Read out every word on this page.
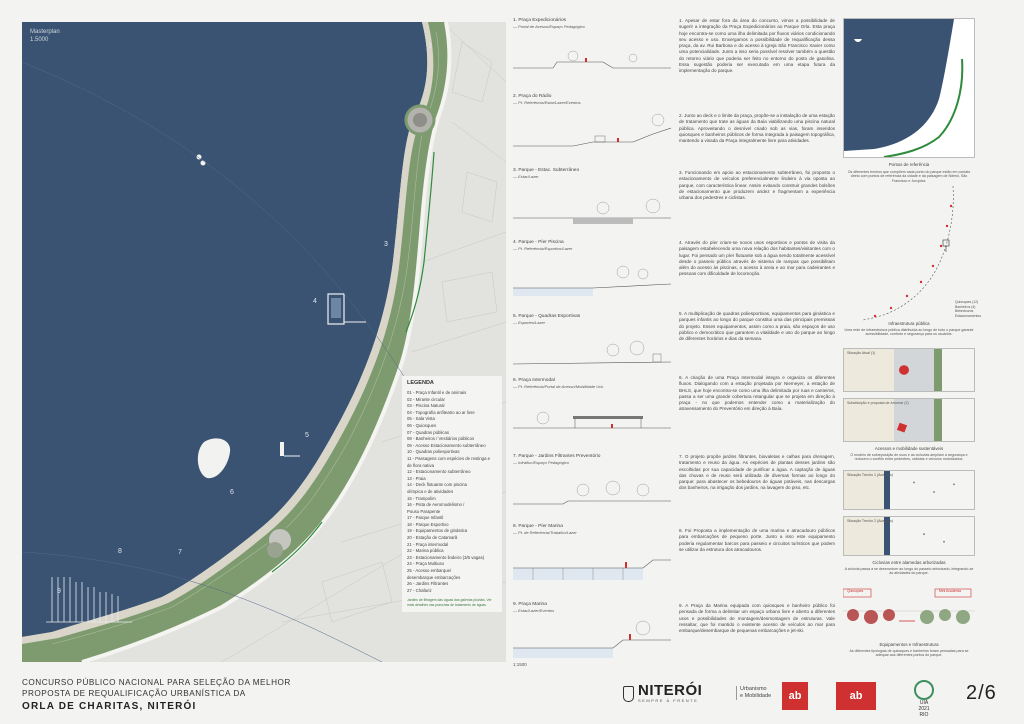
Masterplan
1.5000
1
2
3
4
5
6
7
8
9
LEGENDA
01 - Praça Infantil e de animais
02 - Mirante circular
03 - Piscina Natural
04 - Topografia anfiteatro ao ar livre
05 - Sala Vista
06 - Quiosques
07 - Quadras públicas
08 - Banheiros / Vestiários públicos
09 - Acesso Estacionamento subterrâneo
10 - Quadras poliesportivas
11 - Passagens com espécies de restinga e
de flora nativa
12 - Estacionamento subterrâneo
13 - Praia
14 - Deck flutuante com piscina
olímpica e de atividades
15 - Trampolim
16 - Pista de Aeromodelismo /
Pouso Parapente
17 - Parque Infantil
18 - Parque Esportivo
19 - Equipamentos de ginástica
20 - Estação de Catamarã
21 - Praça intermodal
22 - Marina pública
23 - Estacionamento lindeiro (3/6 vagas)
24 - Praça Multiuso
25 - Acesso embarque/
desembarque embarcações
26 - Jardins Filtrantes
27 - Chafariz
Jardins de filtragem das águas das galerias pluviais. Ver mais detalhes nas pranchas de tratamento de águas.
1. Praça Expedicionários
— Portal de Acesso/Espaço Pedagógico
2. Praça do Rádio
— Pt. Referência/Estar/Lazer/Eventos
3. Parque - Estac. Subterrâneo
— Estar/Lazer
4. Parque - Píer Piscina
— Pt. Referência/Esportivo/Lazer
5. Parque - Quadras Esportivas
— Esportes/Lazer
6. Praça Intermodal
— Pt. Referência/Portal de Acesso/Mobilidade Urb.
7. Parque - Jardins Filtrantes Preventório
— Infrafluc/Espaço Pedagógico
8. Parque - Píer Marina
— Pt. de Referência/Trabalho/Lazer
9. Praça Marina
— Estar/Lazer/Eventos
1:1500
1. Apesar de estar fora da área do concurso, vimos a possibilidade de sugerir a integração da Praça Expedicionários ao Parque Orla. Esta praça hoje encontra-se como uma ilha delimitada por fluxos viários condicionando seu acesso e uso. Enxergamos a possibilidade de requalificação dessa praça, da av. Rui Barbosa e do acesso à Igreja São Francisco Xavier como uma potencialidade. Junto a isso seria possível resolver também a questão do retorno viário que poderia ser feito no entorno do posto de gasolina. Essa sugestão poderia ser executada em uma etapa futura da implementação do parque.
2. Junto ao deck e o limite da praça, propõe-se a instalação de uma estação de tratamento que trate as águas da Baía viabilizando uma piscina natural pública. Aproveitando o desnível criado sob as vias, foram inseridos quiosques e banheiros públicos de forma integrada à paisagem topográfica, mantendo a visada da Praça integralmente livre para atividades.
3. Funcionando em apoio ao estacionamento subterrâneo, foi proposto o estacionamento de veículos preferencialmente lindeiro à via oposta ao parque, com característica linear. Assim evitando construir grandes bolsões de estacionamento que produzem aridez e fragmentam a experiência urbana dos pedestres e ciclistas.
4. Através do píer criam-se novos usos esportivos e pontos de visita da paisagem estabelecendo uma nova relação dos habitantes/visitantes com o lugar. Foi pensado um píer flutuante sob a água sendo totalmente acessível desde o passeio público através de sistema de rampas que possibilitam além do acesso às piscinas, o acesso à areia e ao mar para cadeirantes e pessoas com dificuldade de locomoção.
5. A multiplicação de quadras poliesportivas, equipamentos para ginástica e parques infantis ao longo do parque constitui uma das principais premissas do projeto. Esses equipamentos, assim como a praia, são espaços de uso público e democrático que garantem a vitalidade e uso do parque ao longo de diferentes horários e dias da semana.
6. A criação de uma Praça Intermodal integra e organiza os diferentes fluxos. Dialogando com a estação projetada por Niemeyer, a estação de BHLS, que hoje encontra-se como uma ilha delimitada por ruas e canteiros, passa a ser uma grande cobertura retangular que se projeta em direção à praça - no que podemos entender como a materialização do atravessamento do Preventório em direção à Baía.
7. O projeto propõe jardins filtrantes, biovaletas e calhas para drenagem, tratamento e reuso da água. As espécies de plantas desses jardins são escolhidas por sua capacidade de purificar a água. A captação de águas das chuvas e de reuso será utilizada de diversas formas ao longo do parque: para abastecer os bebedouros de águas potáveis, nas descargas dos banheiros, na irrigação dos jardins, na lavagem do piso, etc.
8. Foi Proposta a implementação de uma marina e atracadouro públicos para embarcações de pequeno porte. Junto a isso este equipamento poderia regulamentar barcos para passeio e circuitos turísticos que podem se utilizar da estrutura dos atracadouros.
9. A Praça da Marina equipada com quiosques e banheiro público foi pensada de forma a delimitar um espaço urbano livre e aberto a diferentes usos e possibilidades de montagem/desmontagem de estruturas. Vale ressaltar, que foi mantido o existente acesso de veículos ao mar para embarque/desembarque de pequenas embarcações e jet-ski.
Pontos de referência
Os diferentes trechos que compõem cada ponto do parque estão em contato direto com pontos de referência da cidade e da paisagem de Niterói, São Francisco e Jurujuba.
Quiosques (12)
Banheiros (4)
Bebedouros
Estacionamentos
Infraestrutura pública
Uma rede de infraestrutura pública distribuída ao longo de todo o parque garante acessibilidade, conforto e segurança para os usuários.
Situação Atual (1)
Substituição e proposta de Arrumar (2)
Acessos e mobilidade sustentáveis
O modelo de sobreposição de usos e as ciclovias ampliam a segurança e reduzem o conflito entre pedestres, ciclistas e veículos motorizados.
Situação Trecho 1 (Acessos)
Situação Trecho 2 (Acessos)
Ciclovias entre alamedas arborizadas
A ciclovia passa a se desenvolver ao longo do passeio arborizado, integrando-se às atividades do parque.
Quiosques	Mini Academia
Equipamentos e Infraestrutura
As diferentes tipologias de quiosques e banheiros foram pensadas para se adequar aos diferentes pontos do parque.
CONCURSO PÚBLICO NACIONAL PARA SELEÇÃO DA MELHOR
PROPOSTA DE REQUALIFICAÇÃO URBANÍSTICA DA
ORLA DE CHARITAS, NITERÓI
NITERÓI
SEMPRE À FRENTE
Urbanismo
e Mobilidade	ab	ab
UIA
2021
RIO
2/6
